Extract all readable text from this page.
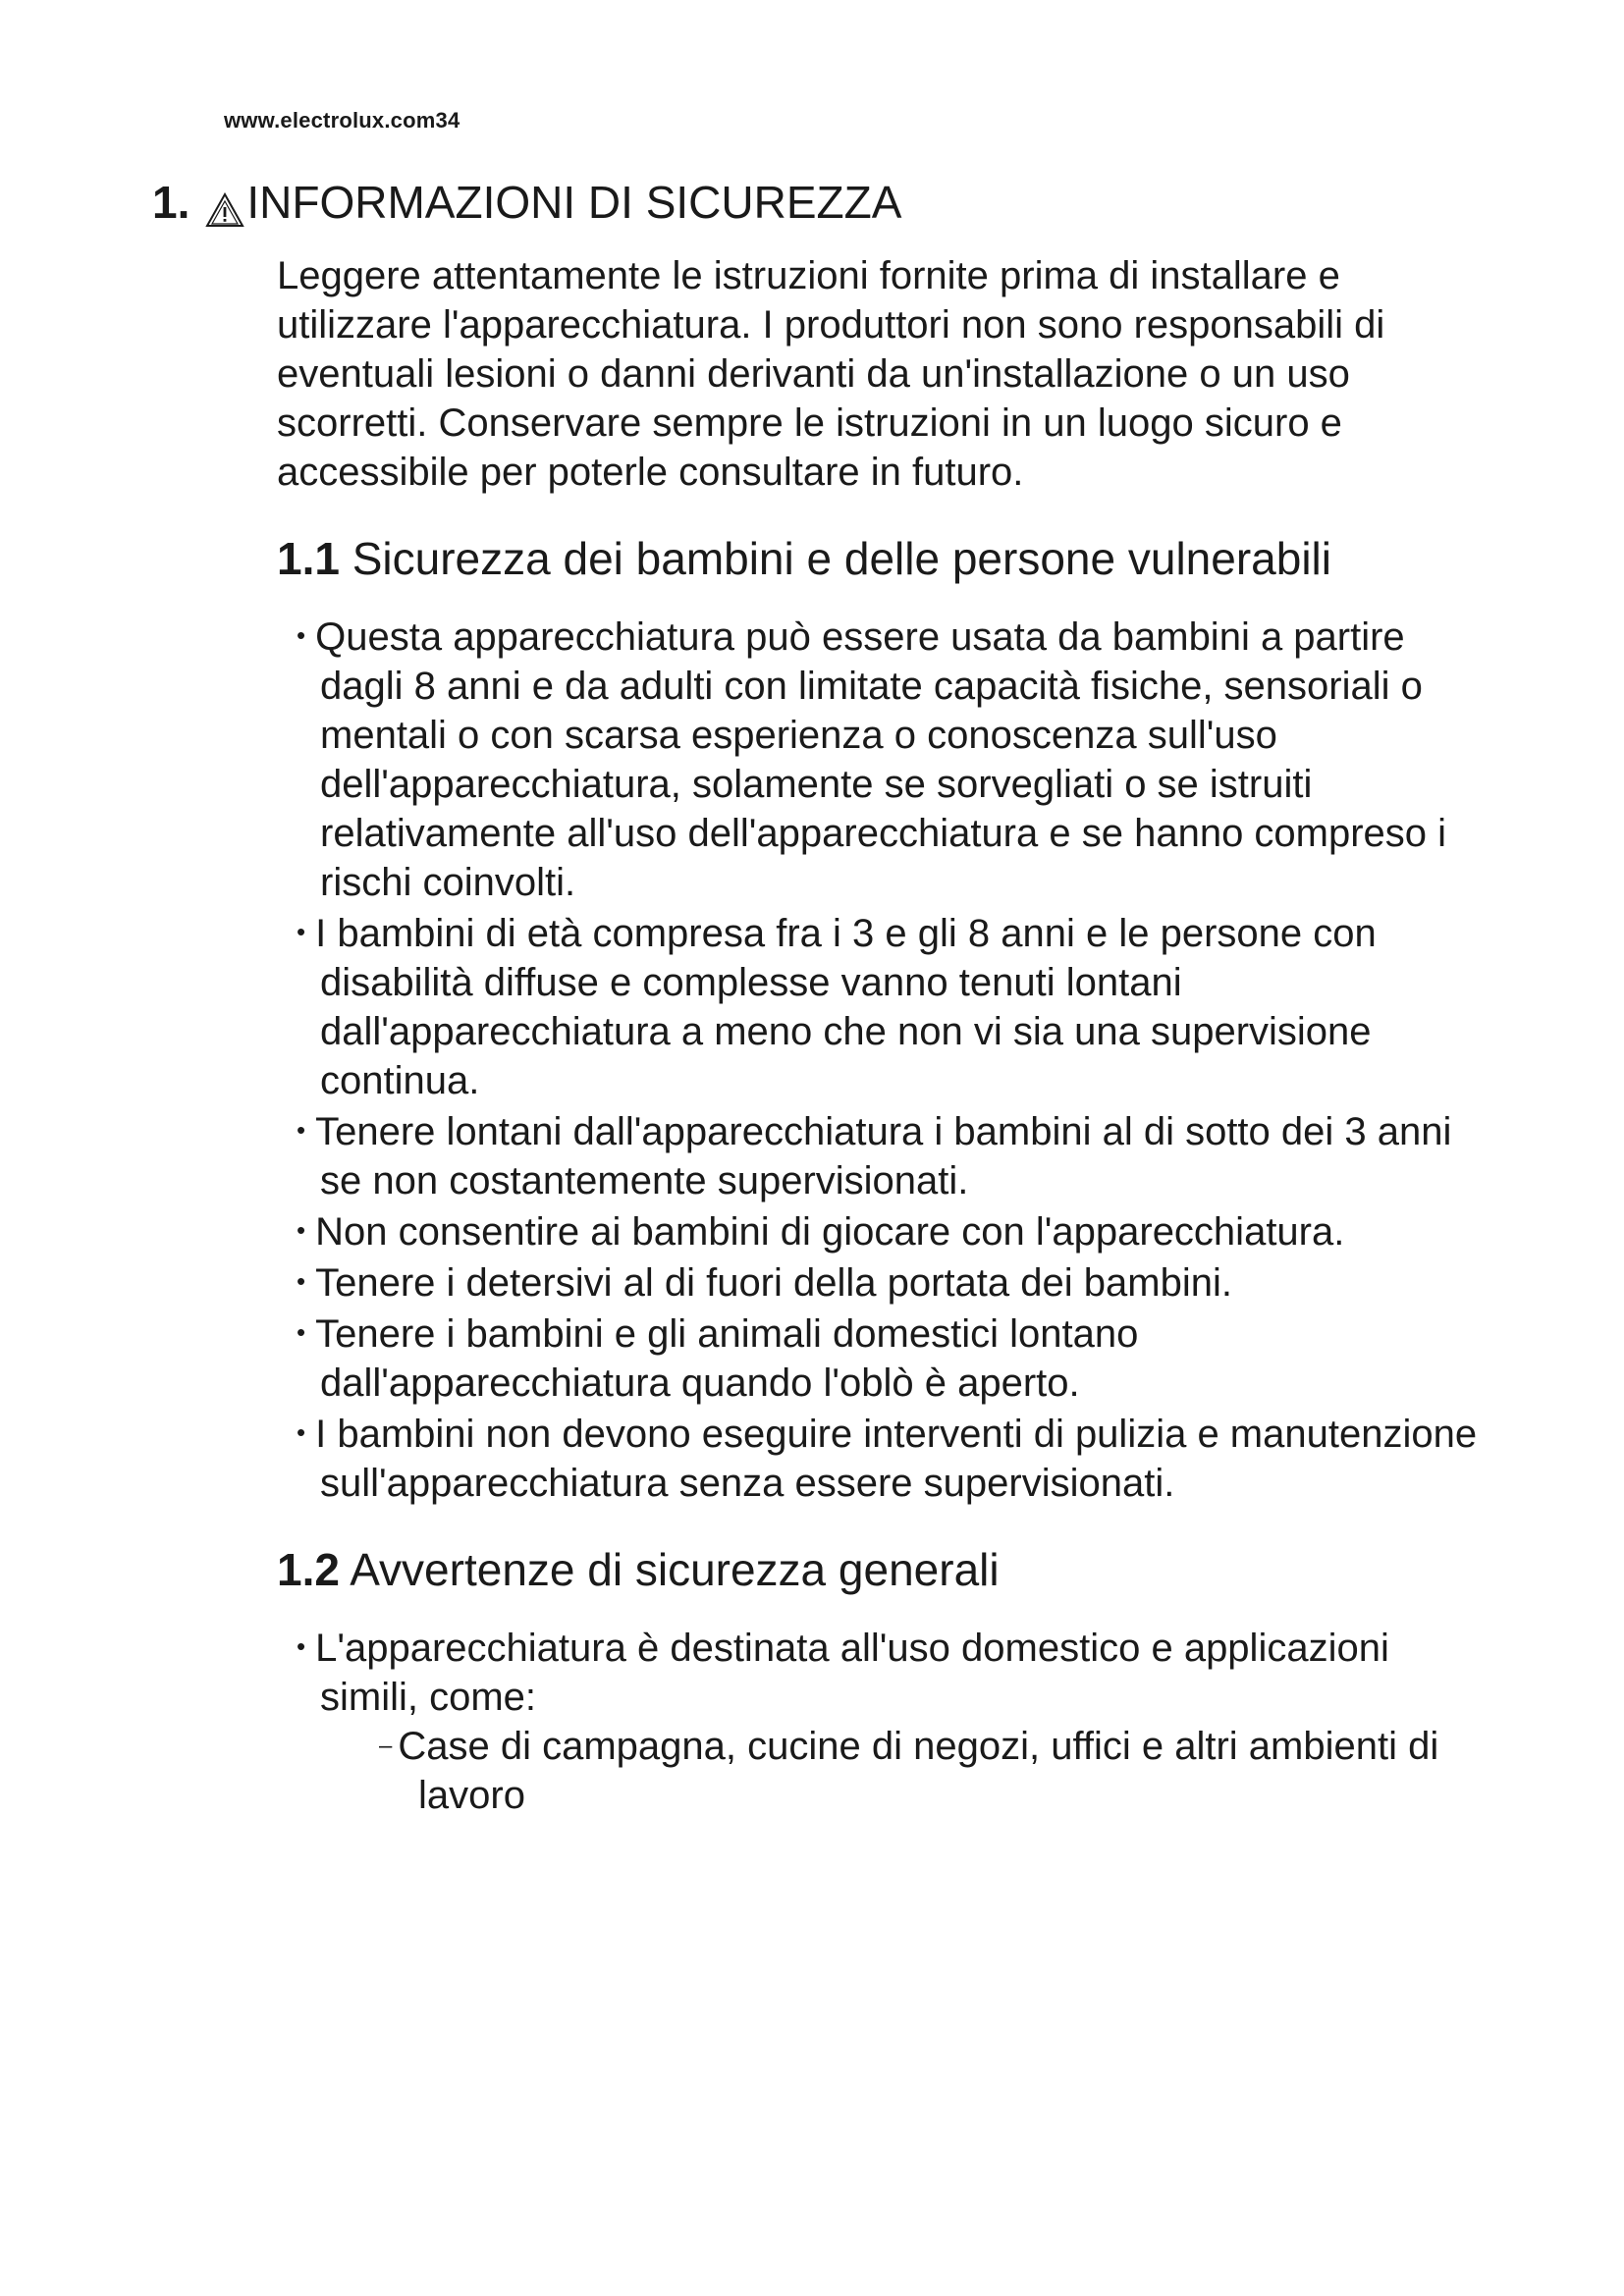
www.electrolux.com34
1. INFORMAZIONI DI SICUREZZA

Leggere attentamente le istruzioni fornite prima di installare e utilizzare l'apparecchiatura. I produttori non sono responsabili di eventuali lesioni o danni derivanti da un'installazione o un uso scorretti. Conservare sempre le istruzioni in un luogo sicuro e accessibile per poterle consultare in futuro.

1.1 Sicurezza dei bambini e delle persone vulnerabili
• Questa apparecchiatura può essere usata da bambini a partire dagli 8 anni e da adulti con limitate capacità fisiche, sensoriali o mentali o con scarsa esperienza o conoscenza sull'uso dell'apparecchiatura, solamente se sorvegliati o se istruiti relativamente all'uso dell'apparecchiatura e se hanno compreso i rischi coinvolti.
• I bambini di età compresa fra i 3 e gli 8 anni e le persone con disabilità diffuse e complesse vanno tenuti lontani dall'apparecchiatura a meno che non vi sia una supervisione continua.
• Tenere lontani dall'apparecchiatura i bambini al di sotto dei 3 anni se non costantemente supervisionati.
• Non consentire ai bambini di giocare con l'apparecchiatura.
• Tenere i detersivi al di fuori della portata dei bambini.
• Tenere i bambini e gli animali domestici lontano dall'apparecchiatura quando l'oblò è aperto.
• I bambini non devono eseguire interventi di pulizia e manutenzione sull'apparecchiatura senza essere supervisionati.
1.2 Avvertenze di sicurezza generali
• L'apparecchiatura è destinata all'uso domestico e applicazioni simili, come:
– Case di campagna, cucine di negozi, uffici e altri ambienti di lavoro
